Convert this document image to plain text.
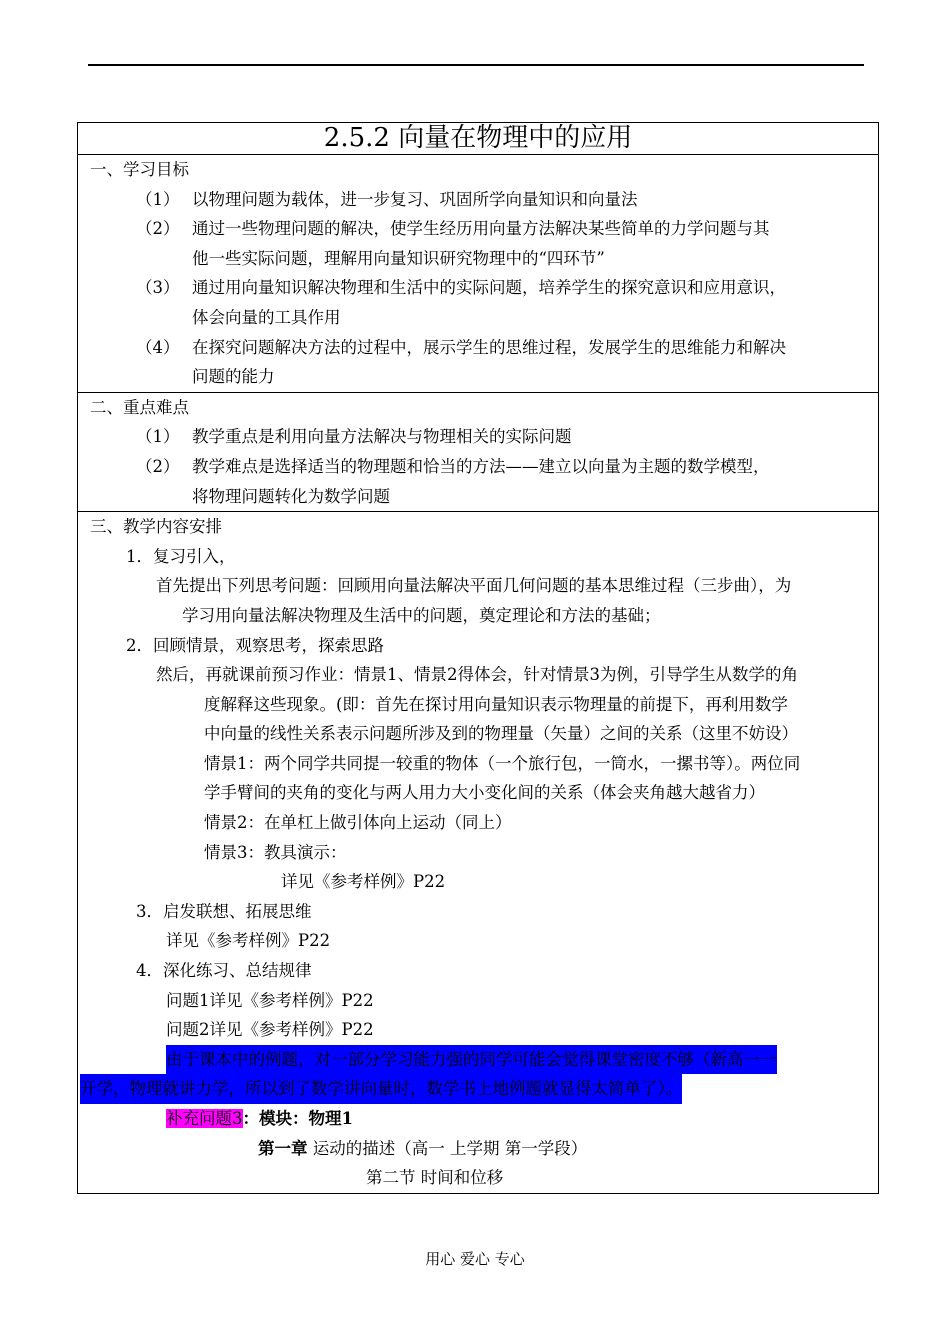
2.5.2 向量在物理中的应用
一、学习目标
（1） 以物理问题为载体，进一步复习、巩固所学向量知识和向量法
（2） 通过一些物理问题的解决，使学生经历用向量方法解决某些简单的力学问题与其
他一些实际问题，理解用向量知识研究物理中的“四环节”
（3） 通过用向量知识解决物理和生活中的实际问题，培养学生的探究意识和应用意识，
体会向量的工具作用
（4） 在探究问题解决方法的过程中，展示学生的思维过程，发展学生的思维能力和解决
问题的能力
二、重点难点
（1） 教学重点是利用向量方法解决与物理相关的实际问题
（2） 教学难点是选择适当的物理题和恰当的方法——建立以向量为主题的数学模型，
将物理问题转化为数学问题
三、教学内容安排
1．复习引入，
首先提出下列思考问题：回顾用向量法解决平面几何问题的基本思维过程（三步曲），为
学习用向量法解决物理及生活中的问题，奠定理论和方法的基础；
2．回顾情景，观察思考，探索思路
然后，再就课前预习作业：情景1、情景2得体会，针对情景3为例，引导学生从数学的角
度解释这些现象。(即：首先在探讨用向量知识表示物理量的前提下，再利用数学
中向量的线性关系表示问题所涉及到的物理量（矢量）之间的关系（这里不妨设）
情景1：两个同学共同提一较重的物体（一个旅行包，一筒水，一摞书等）。两位同
学手臂间的夹角的变化与两人用力大小变化间的关系（体会夹角越大越省力）
情景2：在单杠上做引体向上运动（同上）
情景3：教具演示：
详见《参考样例》P22
3．启发联想、拓展思维
详见《参考样例》P22
4．深化练习、总结规律
问题1详见《参考样例》P22
问题2详见《参考样例》P22
由于课本中的例题，对一部分学习能力强的同学可能会觉得课堂密度不够（新高一一
开学，物理就讲力学，所以到了数学讲向量时，数学书上地例题就显得太简单了）。
补充问题3：模块：物理1
第一章 运动的描述（高一 上学期 第一学段）
第二节 时间和位移
用心 爱心 专心
